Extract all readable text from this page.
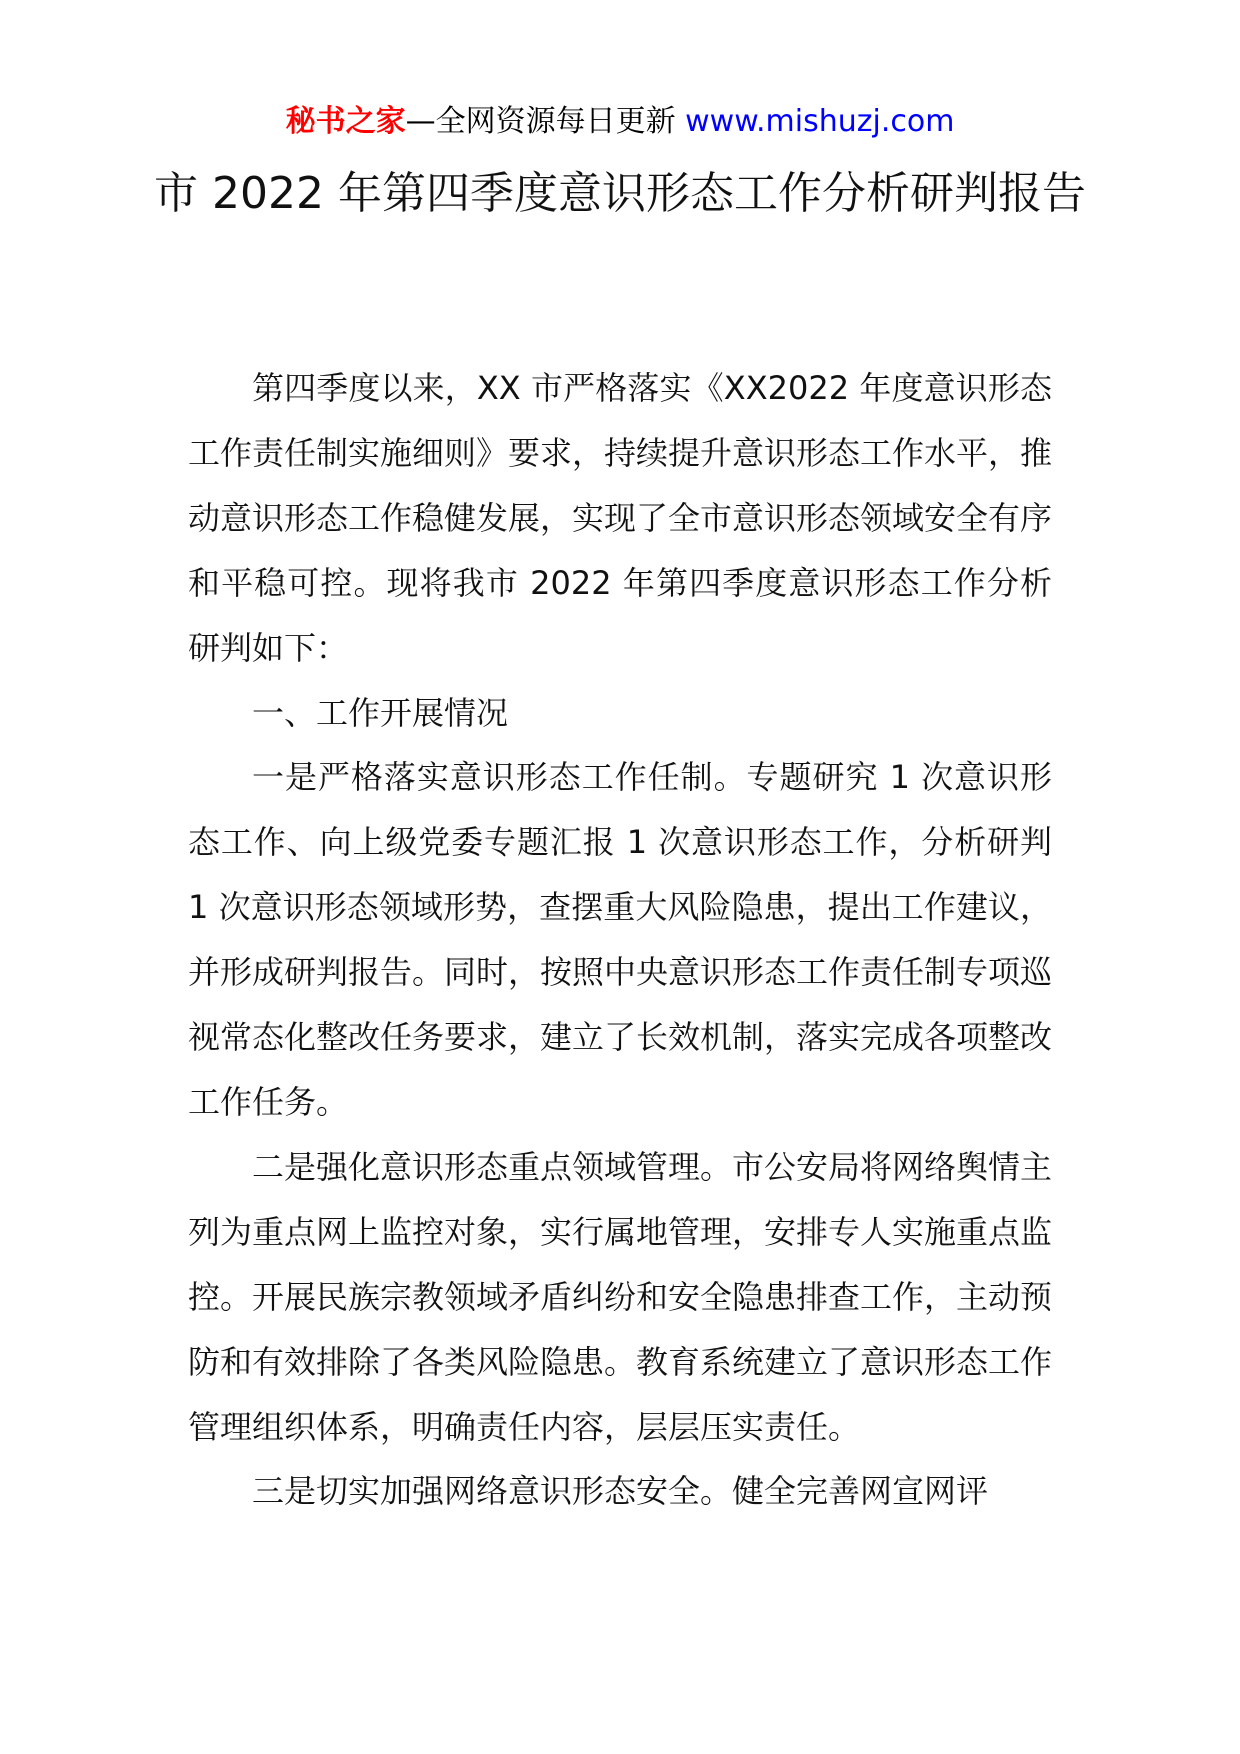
秘书之家—全网资源每日更新 www.mishuzj.com
市 2022 年第四季度意识形态工作分析研判报告

第四季度以来，XX 市严格落实《XX2022 年度意识形态工作责任制实施细则》要求，持续提升意识形态工作水平，推动意识形态工作稳健发展，实现了全市意识形态领域安全有序和平稳可控。现将我市 2022 年第四季度意识形态工作分析研判如下：

一、工作开展情况

一是严格落实意识形态工作任制。专题研究 1 次意识形态工作、向上级党委专题汇报 1 次意识形态工作，分析研判 1 次意识形态领域形势，查摆重大风险隐患，提出工作建议，并形成研判报告。同时，按照中央意识形态工作责任制专项巡视常态化整改任务要求，建立了长效机制，落实完成各项整改工作任务。

二是强化意识形态重点领域管理。市公安局将网络舆情主列为重点网上监控对象，实行属地管理，安排专人实施重点监控。开展民族宗教领域矛盾纠纷和安全隐患排查工作，主动预防和有效排除了各类风险隐患。教育系统建立了意识形态工作管理组织体系，明确责任内容，层层压实责任。

三是切实加强网络意识形态安全。健全完善网宣网评
